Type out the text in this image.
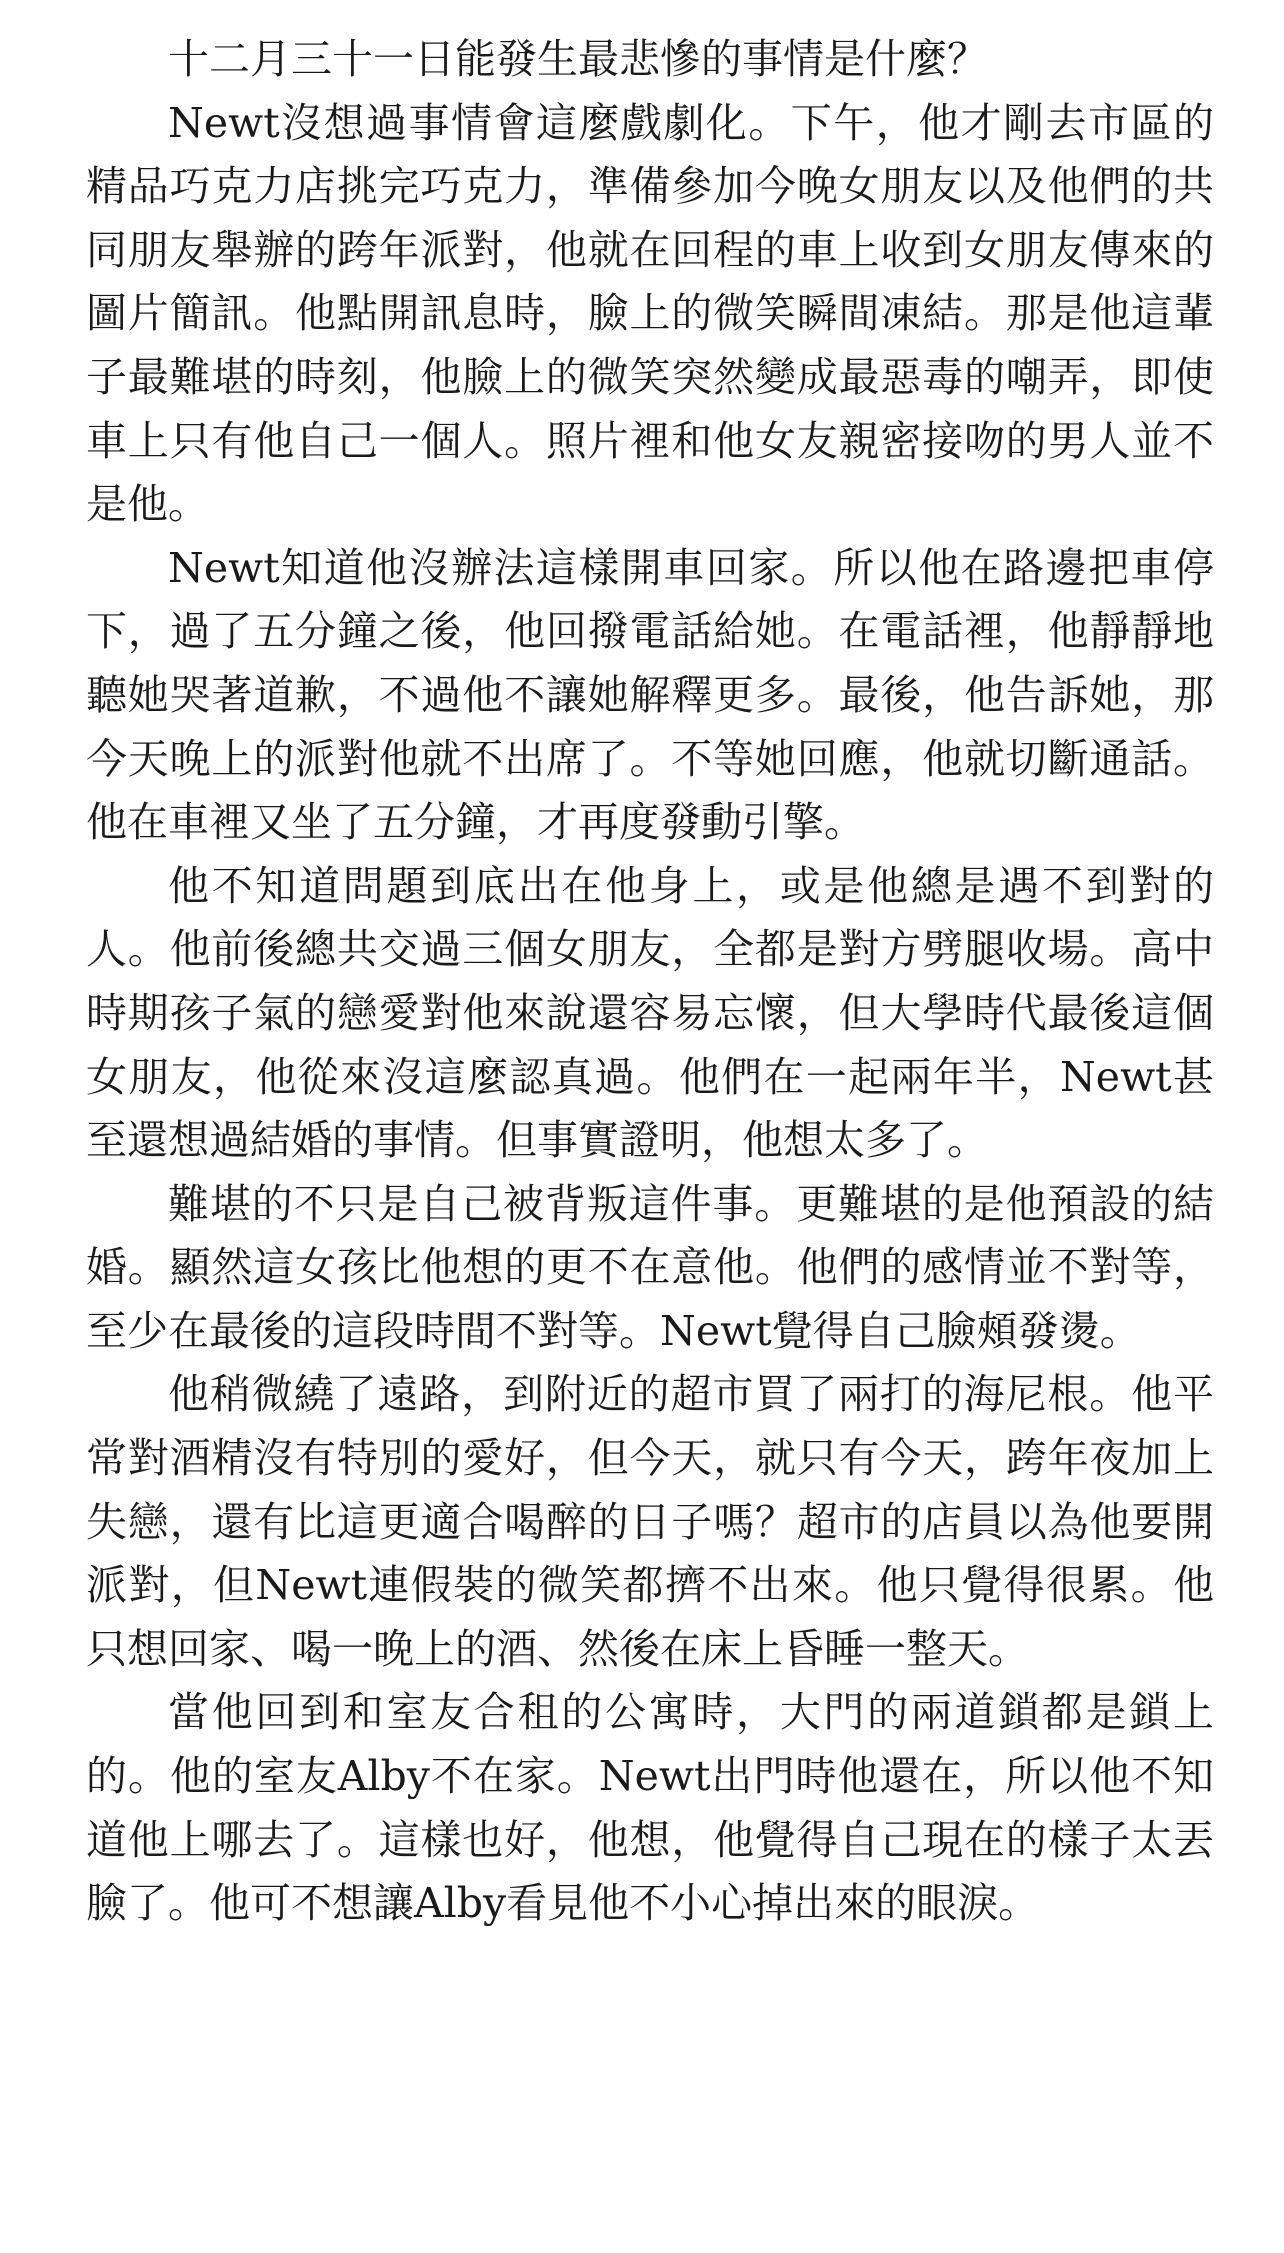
十二月三十一日能發生最悲慘的事情是什麼？

Newt沒想過事情會這麼戲劇化。下午，他才剛去市區的精品巧克力店挑完巧克力，準備參加今晚女朋友以及他們的共同朋友舉辦的跨年派對，他就在回程的車上收到女朋友傳來的圖片簡訊。他點開訊息時，臉上的微笑瞬間凍結。那是他這輩子最難堪的時刻，他臉上的微笑突然變成最惡毒的嘲弄，即使車上只有他自己一個人。照片裡和他女友親密接吻的男人並不是他。

Newt知道他沒辦法這樣開車回家。所以他在路邊把車停下，過了五分鐘之後，他回撥電話給她。在電話裡，他靜靜地聽她哭著道歉，不過他不讓她解釋更多。最後，他告訴她，那今天晚上的派對他就不出席了。不等她回應，他就切斷通話。他在車裡又坐了五分鐘，才再度發動引擎。

他不知道問題到底出在他身上，或是他總是遇不到對的人。他前後總共交過三個女朋友，全都是對方劈腿收場。高中時期孩子氣的戀愛對他來說還容易忘懷，但大學時代最後這個女朋友，他從來沒這麼認真過。他們在一起兩年半，Newt甚至還想過結婚的事情。但事實證明，他想太多了。

難堪的不只是自己被背叛這件事。更難堪的是他預設的結婚。顯然這女孩比他想的更不在意他。他們的感情並不對等，至少在最後的這段時間不對等。Newt覺得自己臉頰發燙。

他稍微繞了遠路，到附近的超市買了兩打的海尼根。他平常對酒精沒有特別的愛好，但今天，就只有今天，跨年夜加上失戀，還有比這更適合喝醉的日子嗎？超市的店員以為他要開派對，但Newt連假裝的微笑都擠不出來。他只覺得很累。他只想回家、喝一晚上的酒、然後在床上昏睡一整天。

當他回到和室友合租的公寓時，大門的兩道鎖都是鎖上的。他的室友Alby不在家。Newt出門時他還在，所以他不知道他上哪去了。這樣也好，他想，他覺得自己現在的樣子太丟臉了。他可不想讓Alby看見他不小心掉出來的眼淚。
